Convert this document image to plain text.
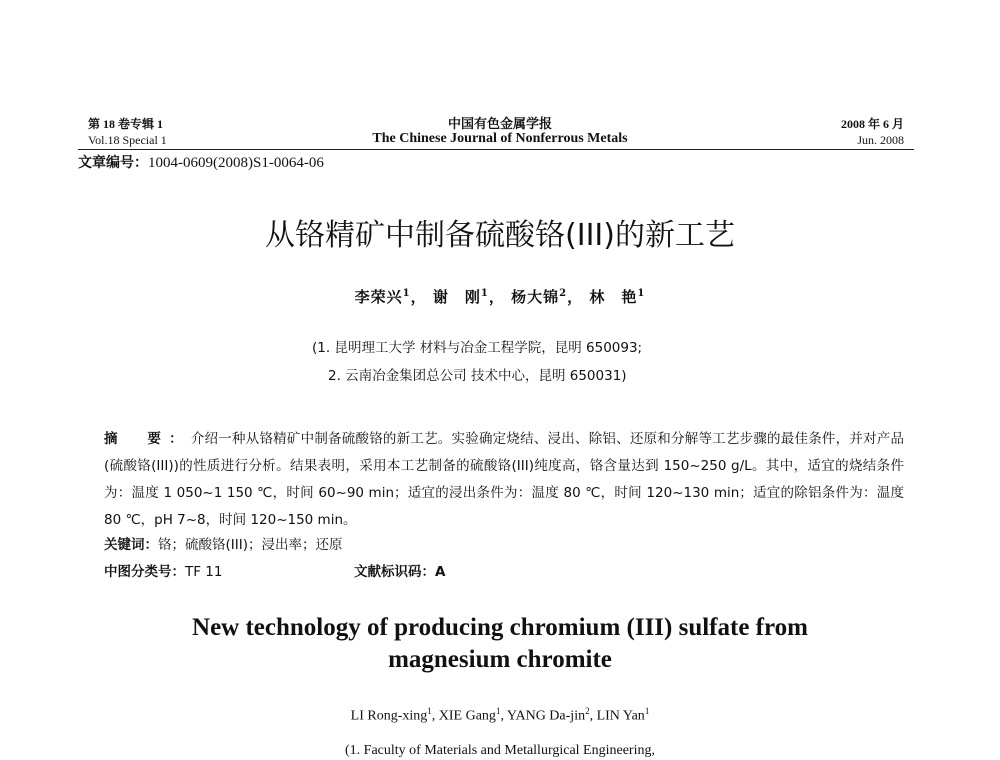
第 18 卷专辑 1
Vol.18 Special 1
中国有色金属学报
The Chinese Journal of Nonferrous Metals
2008 年 6 月
Jun. 2008
文章编号：1004-0609(2008)S1-0064-06
从铬精矿中制备硫酸铬(III)的新工艺
李荣兴$^1$， 谢　刚$^1$， 杨大锦$^2$， 林　艳$^1$
(1. 昆明理工大学 材料与冶金工程学院，昆明 650093;
2. 云南冶金集团总公司 技术中心，昆明 650031)
摘　要：介绍一种从铬精矿中制备硫酸铬的新工艺。实验确定烧结、浸出、除铝、还原和分解等工艺步骤的最佳条件，并对产品(硫酸铬(III))的性质进行分析。结果表明，采用本工艺制备的硫酸铬(III)纯度高，铬含量达到 150~250 g/L。其中，适宜的烧结条件为：温度 1 050~1 150 ℃，时间 60~90 min；适宜的浸出条件为：温度 80 ℃，时间 120~130 min；适宜的除铝条件为：温度 80 ℃，pH 7~8，时间 120~150 min。
关键词：铬；硫酸铬(III)；浸出率；还原
中图分类号：TF 11	文献标识码：A
New technology of producing chromium (III) sulfate from magnesium chromite
LI Rong-xing$^1$, XIE Gang$^1$, YANG Da-jin$^2$, LIN Yan$^1$
(1. Faculty of Materials and Metallurgical Engineering,
